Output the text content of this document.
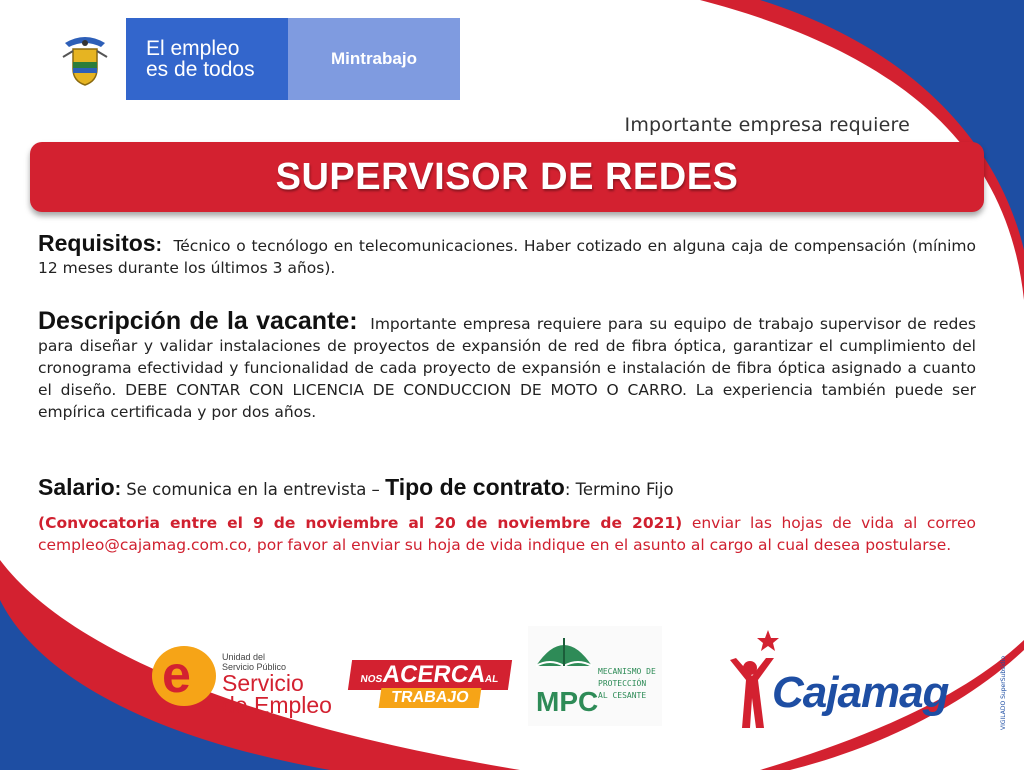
El empleo
es de todos	Mintrabajo
Importante empresa requiere
SUPERVISOR DE REDES
Requisitos: Técnico o tecnólogo en telecomunicaciones. Haber cotizado en alguna caja de compensación (mínimo 12 meses durante los últimos 3 años).
Descripción de la vacante: Importante empresa requiere para su equipo de trabajo supervisor de redes para diseñar y validar instalaciones de proyectos de expansión de red de fibra óptica, garantizar el cumplimiento del cronograma efectividad y funcionalidad de cada proyecto de expansión e instalación de fibra óptica asignado a cuanto el diseño. DEBE CONTAR CON LICENCIA DE CONDUCCION DE MOTO O CARRO. La experiencia también puede ser empírica certificada y por dos años.
Salario: Se comunica en la entrevista – Tipo de contrato: Termino Fijo
(Convocatoria entre el 9 de noviembre al 20 de noviembre de 2021) enviar las hojas de vida al correo cempleo@cajamag.com.co, por favor al enviar su hoja de vida indique en el asunto al cargo al cual desea postularse.
e	Unidad del
Servicio Público
Servicio
de Empleo
NOSACERCAAL
TRABAJO	MPC
MECANISMO DE
PROTECCIÓN
AL CESANTE	Cajamag	VIGILADO SuperSubsidio
